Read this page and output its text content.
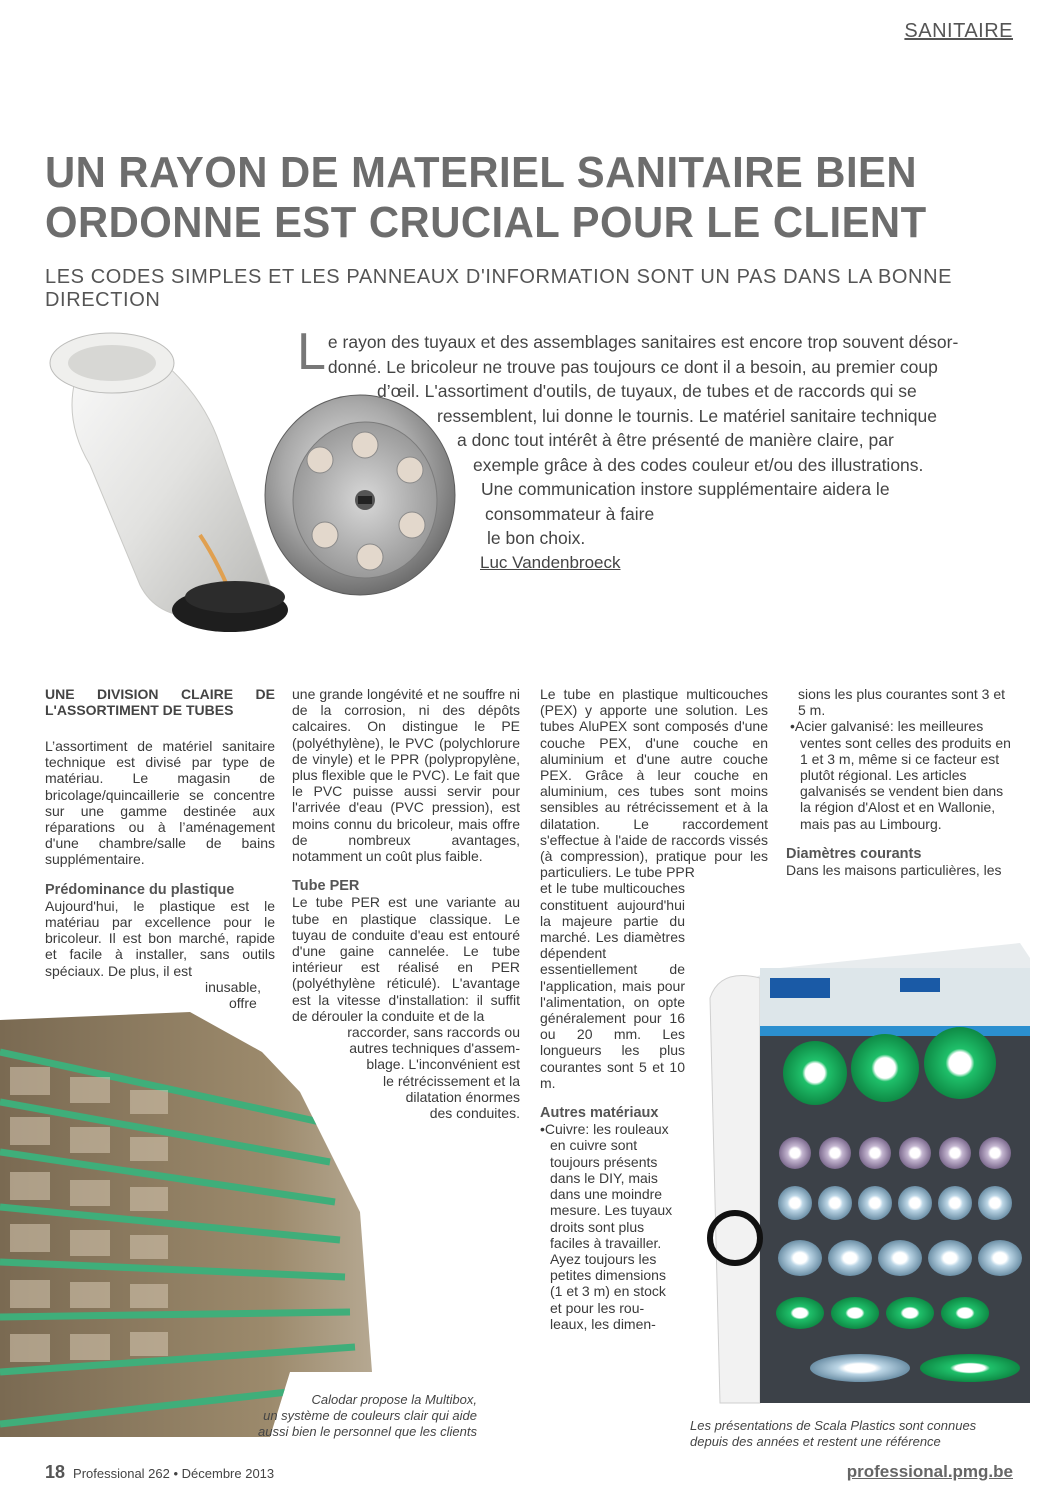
SANITAIRE
UN RAYON DE MATERIEL SANITAIRE BIEN
ORDONNE EST CRUCIAL POUR LE CLIENT
LES CODES SIMPLES ET LES PANNEAUX D'INFORMATION SONT UN PAS DANS LA BONNE DIRECTION
L e rayon des tuyaux et des assemblages sanitaires est encore trop souvent désor-
donné. Le bricoleur ne trouve pas toujours ce dont il a besoin, au premier coup
d’œil. L'assortiment d'outils, de tuyaux, de tubes et de raccords qui se
ressemblent, lui donne le tournis. Le matériel sanitaire technique
a donc tout intérêt à être présenté de manière claire, par
exemple grâce à des codes couleur et/ou des illustrations.
Une communication instore supplémentaire aidera le
consommateur à faire
le bon choix.
Luc Vandenbroeck
UNE DIVISION CLAIRE DE L'ASSORTIMENT DE TUBES

L’assortiment de matériel sanitaire technique est divisé par type de matériau. Le magasin de bricolage/quincaillerie se concentre sur une gamme destinée aux réparations ou à l’aménagement d'une chambre/salle de bains supplémentaire.

Prédominance du plastique

Aujourd'hui, le plastique est le matériau par excellence pour le bricoleur. Il est bon marché, rapide et facile à installer, sans outils spéciaux. De plus, il est

inusable,

offre

une grande longévité et ne souffre ni de la corrosion, ni des dépôts calcaires. On distingue le PE (polyéthylène), le PVC (polychlorure de vinyle) et le PPR (polypropylène, plus flexible que le PVC). Le fait que le PVC puisse aussi servir pour l'arrivée d'eau (PVC pression), est moins connu du bricoleur, mais offre de nombreux avantages, notamment un coût plus faible.

Tube PER

Le tube PER est une variante au tube en plastique classique. Le tuyau de conduite d'eau est entouré d'une gaine cannelée. Le tube intérieur est réalisé en PER (polyéthylène réticulé). L'avantage est la vitesse d'installation: il suffit de dérouler la conduite et de la

raccorder, sans raccords ou

autres techniques d'assem-

blage. L'inconvénient est

le rétrécissement et la

dilatation énormes

des conduites.

Calodar propose la Multibox,
un système de couleurs clair qui aide
aussi bien le personnel que les clients

Le tube en plastique multicouches (PEX) y apporte une solution. Les tubes AluPEX sont composés d'une couche PEX, d'une couche en aluminium et d'une autre couche PEX. Grâce à leur couche en aluminium, ces tubes sont moins sensibles au rétrécissement et à la dilatation. Le raccordement s'effectue à l'aide de raccords vissés (à compression), pratique pour les particuliers. Le tube PPR

et le tube multicouches constituent aujourd'hui la majeure partie du marché. Les diamètres dépendent essentiellement de l'application, mais pour l'alimentation, on opte généralement pour 16 ou 20 mm. Les longueurs les plus courantes sont 5 et 10 m.

Autres matériaux
•Cuivre: les rouleaux
en cuivre sont
toujours présents
dans le DIY, mais
dans une moindre
mesure. Les tuyaux
droits sont plus
faciles à travailler.
Ayez toujours les
petites dimensions
(1 et 3 m) en stock
et pour les rou-
leaux, les dimen-

sions les plus courantes sont 3 et 5 m.

•Acier galvanisé: les meilleures ventes sont celles des produits en 1 et 3 m, même si ce facteur est plutôt régional. Les articles galvanisés se vendent bien dans la région d'Alost et en Wallonie, mais pas au Limbourg.

Diamètres courants

Dans les maisons particulières, les

Les présentations de Scala Plastics sont connues
depuis des années et restent une référence
18 Professional 262 • Décembre 2013	professional.pmg.be
